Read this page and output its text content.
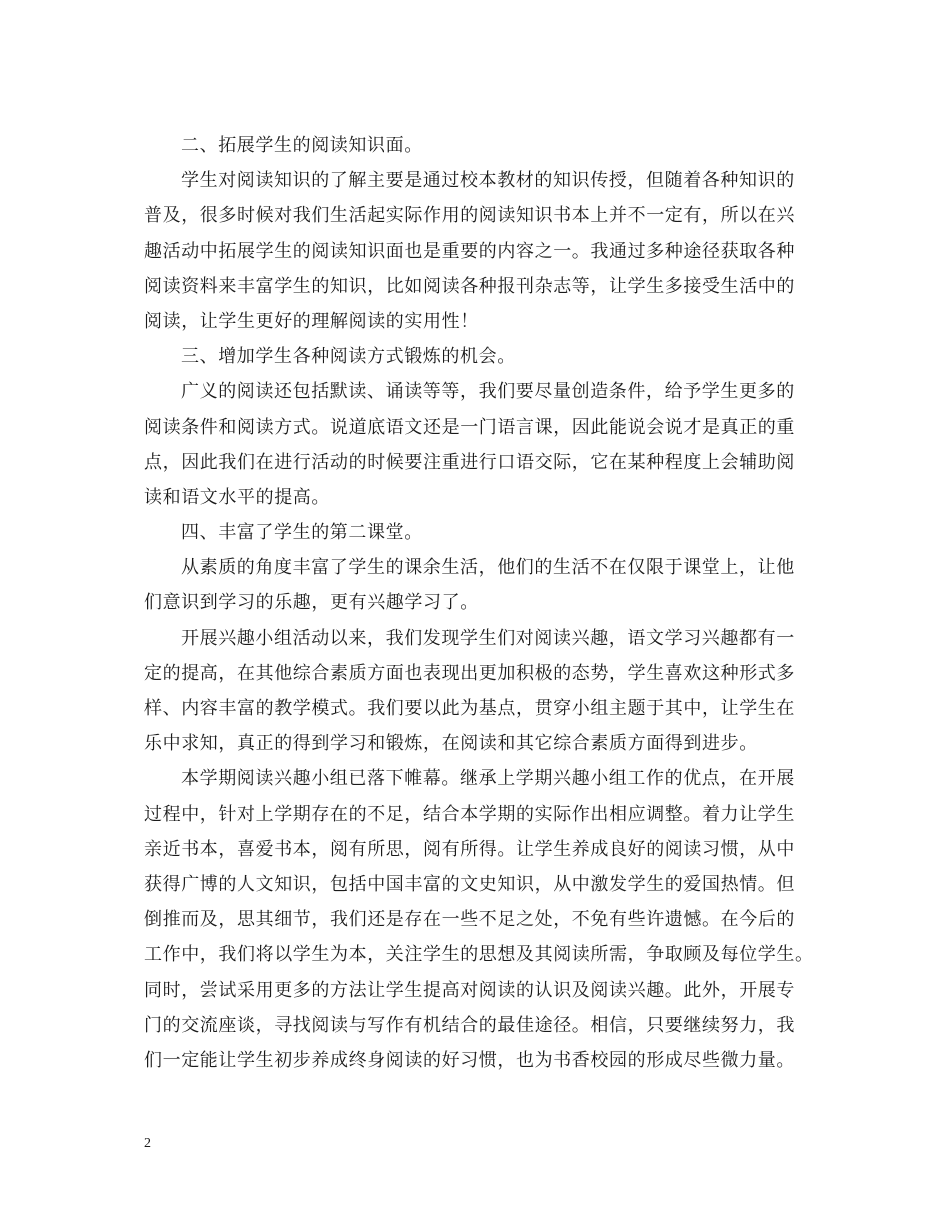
二、拓展学生的阅读知识面。
学生对阅读知识的了解主要是通过校本教材的知识传授，但随着各种知识的
普及，很多时候对我们生活起实际作用的阅读知识书本上并不一定有，所以在兴
趣活动中拓展学生的阅读知识面也是重要的内容之一。我通过多种途径获取各种
阅读资料来丰富学生的知识，比如阅读各种报刊杂志等，让学生多接受生活中的
阅读，让学生更好的理解阅读的实用性！
三、增加学生各种阅读方式锻炼的机会。
广义的阅读还包括默读、诵读等等，我们要尽量创造条件，给予学生更多的
阅读条件和阅读方式。说道底语文还是一门语言课，因此能说会说才是真正的重
点，因此我们在进行活动的时候要注重进行口语交际，它在某种程度上会辅助阅
读和语文水平的提高。
四、丰富了学生的第二课堂。
从素质的角度丰富了学生的课余生活，他们的生活不在仅限于课堂上，让他
们意识到学习的乐趣，更有兴趣学习了。
开展兴趣小组活动以来，我们发现学生们对阅读兴趣，语文学习兴趣都有一
定的提高，在其他综合素质方面也表现出更加积极的态势，学生喜欢这种形式多
样、内容丰富的教学模式。我们要以此为基点，贯穿小组主题于其中，让学生在
乐中求知，真正的得到学习和锻炼，在阅读和其它综合素质方面得到进步。
本学期阅读兴趣小组已落下帷幕。继承上学期兴趣小组工作的优点，在开展
过程中，针对上学期存在的不足，结合本学期的实际作出相应调整。着力让学生
亲近书本，喜爱书本，阅有所思，阅有所得。让学生养成良好的阅读习惯，从中
获得广博的人文知识，包括中国丰富的文史知识，从中激发学生的爱国热情。但
倒推而及，思其细节，我们还是存在一些不足之处，不免有些许遗憾。在今后的
工作中，我们将以学生为本，关注学生的思想及其阅读所需，争取顾及每位学生。
同时，尝试采用更多的方法让学生提高对阅读的认识及阅读兴趣。此外，开展专
门的交流座谈，寻找阅读与写作有机结合的最佳途径。相信，只要继续努力，我
们一定能让学生初步养成终身阅读的好习惯，也为书香校园的形成尽些微力量。
2
